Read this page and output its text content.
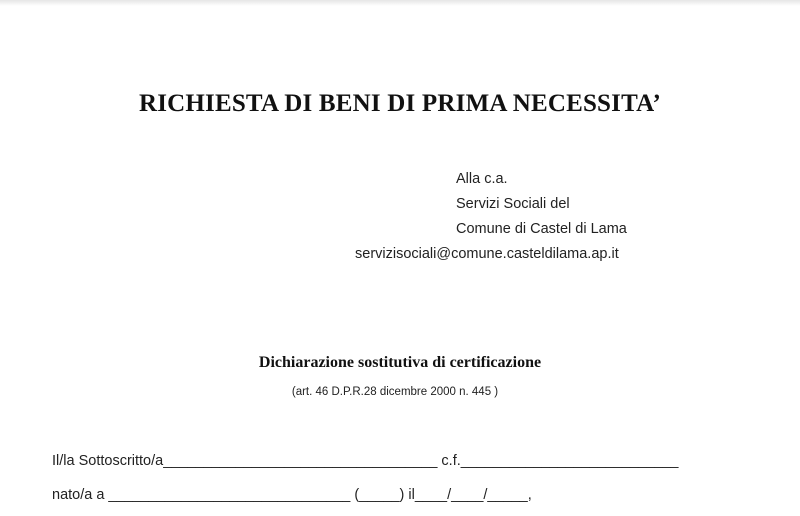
RICHIESTA DI BENI DI PRIMA NECESSITA’
Alla c.a.
Servizi Sociali del
Comune di Castel di Lama
servizisociali@comune.casteldilama.ap.it
Dichiarazione sostitutiva di certificazione
(art. 46 D.P.R.28 dicembre 2000 n. 445 )
Il/la Sottoscritto/a__________________________________ c.f.___________________________
nato/a a ______________________________ (_____) il____/____/_____,
